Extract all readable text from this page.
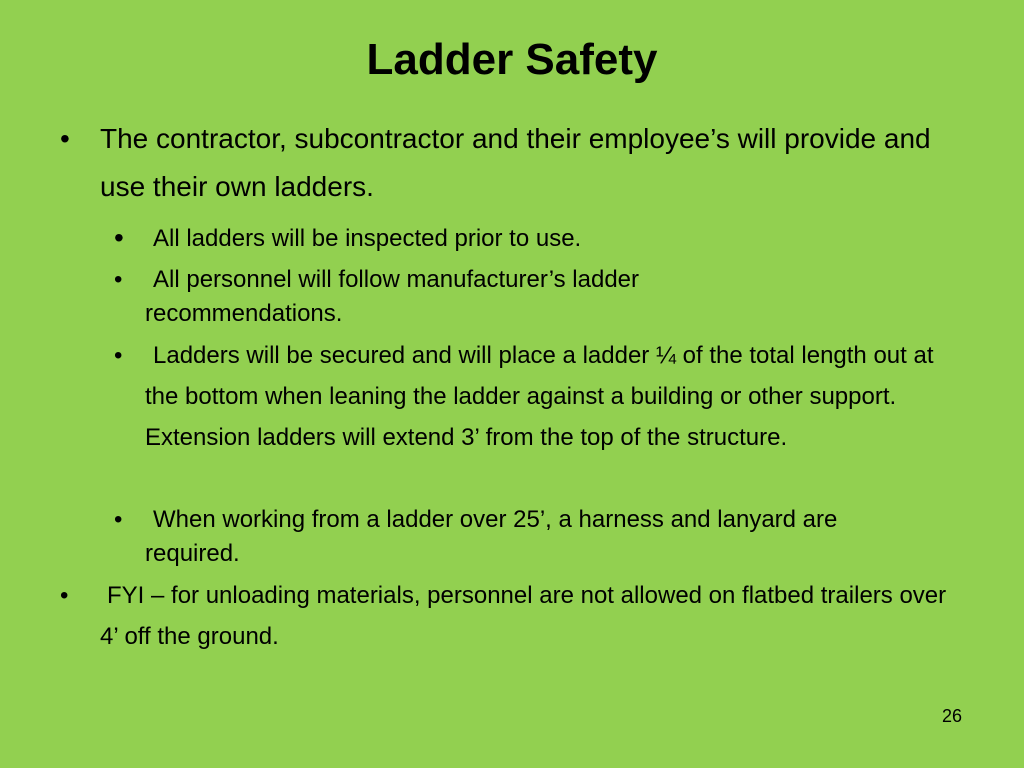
Ladder Safety
• The contractor, subcontractor and their employee’s will provide and use their own ladders.
• All ladders will be inspected prior to use.
• All personnel will follow manufacturer’s ladder recommendations.
• Ladders will be secured and will place a ladder ¼ of the total length out at the bottom when leaning the ladder against a building or other support. Extension ladders will extend 3’ from the top of the structure.
• When working from a ladder over 25’, a harness and lanyard are required.
• FYI – for unloading materials, personnel are not allowed on flatbed trailers over 4’ off the ground.

26
